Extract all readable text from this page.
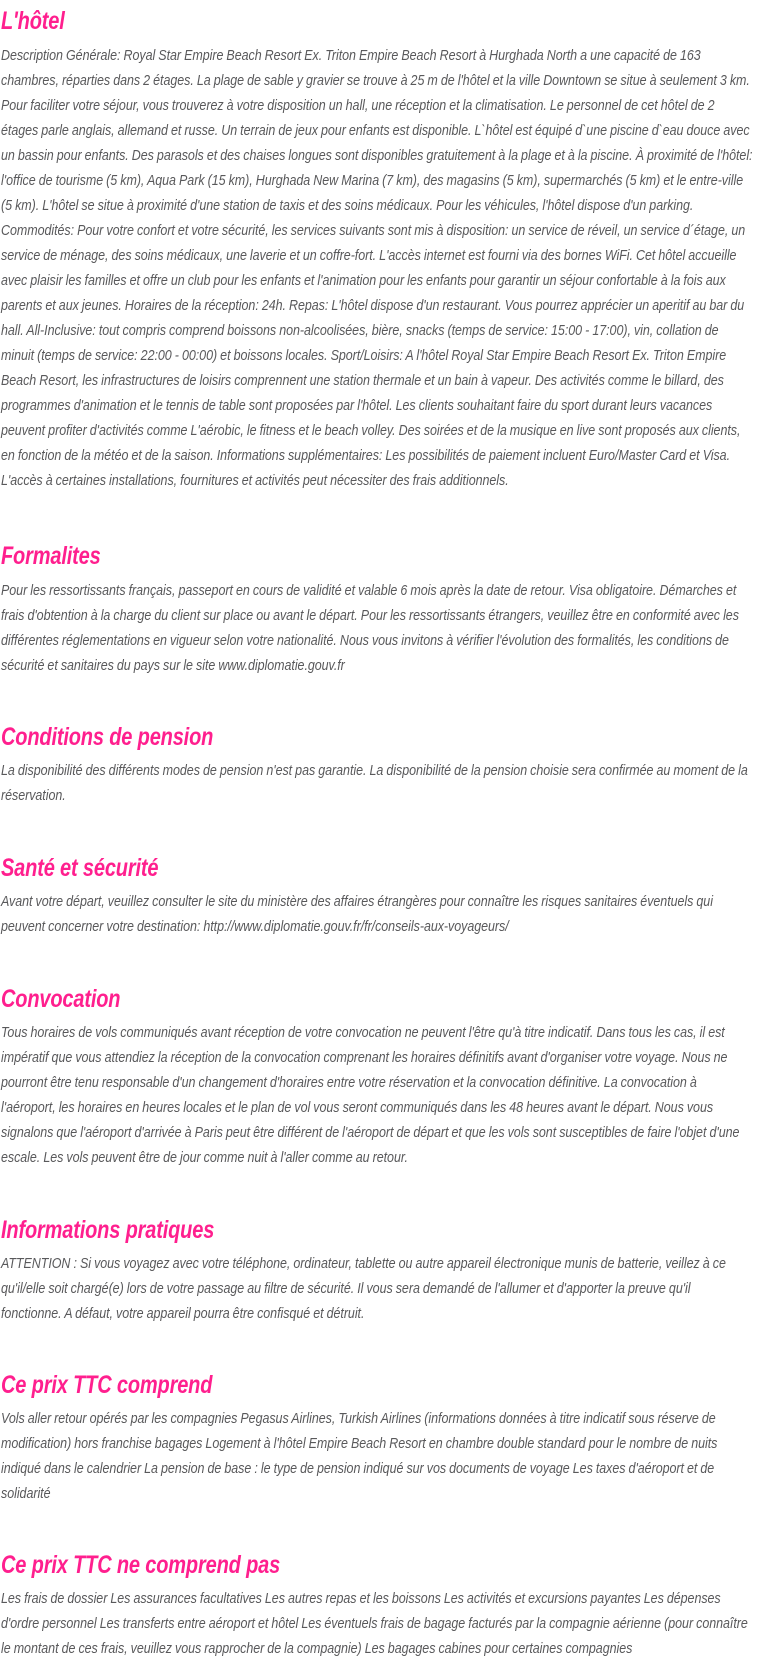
L'hôtel

Description Générale: Royal Star Empire Beach Resort Ex. Triton Empire Beach Resort à Hurghada North a une capacité de 163 chambres, réparties dans 2 étages. La plage de sable y gravier se trouve à 25 m de l'hôtel et la ville Downtown se situe à seulement 3 km. Pour faciliter votre séjour, vous trouverez à votre disposition un hall, une réception et la climatisation. Le personnel de cet hôtel de 2 étages parle anglais, allemand et russe. Un terrain de jeux pour enfants est disponible. L`hôtel est équipé d`une piscine d`eau douce avec un bassin pour enfants. Des parasols et des chaises longues sont disponibles gratuitement à la plage et à la piscine. À proximité de l'hôtel: l'office de tourisme (5 km), Aqua Park (15 km), Hurghada New Marina (7 km), des magasins (5 km), supermarchés (5 km) et le entre-ville (5 km). L'hôtel se situe à proximité d'une station de taxis et des soins médicaux. Pour les véhicules, l'hôtel dispose d'un parking. Commodités: Pour votre confort et votre sécurité, les services suivants sont mis à disposition: un service de réveil, un service d´étage, un service de ménage, des soins médicaux, une laverie et un coffre-fort. L'accès internet est fourni via des bornes WiFi. Cet hôtel accueille avec plaisir les familles et offre un club pour les enfants et l'animation pour les enfants pour garantir un séjour confortable à la fois aux parents et aux jeunes. Horaires de la réception: 24h. Repas: L'hôtel dispose d'un restaurant. Vous pourrez apprécier un aperitif au bar du hall. All-Inclusive: tout compris comprend boissons non-alcoolisées, bière, snacks (temps de service: 15:00 - 17:00), vin, collation de minuit (temps de service: 22:00 - 00:00) et boissons locales. Sport/Loisirs: A l'hôtel Royal Star Empire Beach Resort Ex. Triton Empire Beach Resort, les infrastructures de loisirs comprennent une station thermale et un bain à vapeur. Des activités comme le billard, des programmes d'animation et le tennis de table sont proposées par l'hôtel. Les clients souhaitant faire du sport durant leurs vacances peuvent profiter d'activités comme L'aérobic, le fitness et le beach volley. Des soirées et de la musique en live sont proposés aux clients, en fonction de la météo et de la saison. Informations supplémentaires: Les possibilités de paiement incluent Euro/Master Card et Visa. L'accès à certaines installations, fournitures et activités peut nécessiter des frais additionnels.

Formalites

Pour les ressortissants français, passeport en cours de validité et valable 6 mois après la date de retour. Visa obligatoire. Démarches et frais d'obtention à la charge du client sur place ou avant le départ. Pour les ressortissants étrangers, veuillez être en conformité avec les différentes réglementations en vigueur selon votre nationalité. Nous vous invitons à vérifier l'évolution des formalités, les conditions de sécurité et sanitaires du pays sur le site www.diplomatie.gouv.fr

Conditions de pension

La disponibilité des différents modes de pension n'est pas garantie. La disponibilité de la pension choisie sera confirmée au moment de la réservation.

Santé et sécurité

Avant votre départ, veuillez consulter le site du ministère des affaires étrangères pour connaître les risques sanitaires éventuels qui peuvent concerner votre destination: http://www.diplomatie.gouv.fr/fr/conseils-aux-voyageurs/

Convocation

Tous horaires de vols communiqués avant réception de votre convocation ne peuvent l'être qu'à titre indicatif. Dans tous les cas, il est impératif que vous attendiez la réception de la convocation comprenant les horaires définitifs avant d'organiser votre voyage. Nous ne pourront être tenu responsable d'un changement d'horaires entre votre réservation et la convocation définitive. La convocation à l'aéroport, les horaires en heures locales et le plan de vol vous seront communiqués dans les 48 heures avant le départ. Nous vous signalons que l'aéroport d'arrivée à Paris peut être différent de l'aéroport de départ et que les vols sont susceptibles de faire l'objet d'une escale. Les vols peuvent être de jour comme nuit à l'aller comme au retour.

Informations pratiques

ATTENTION : Si vous voyagez avec votre téléphone, ordinateur, tablette ou autre appareil électronique munis de batterie, veillez à ce qu'il/elle soit chargé(e) lors de votre passage au filtre de sécurité. Il vous sera demandé de l'allumer et d'apporter la preuve qu'il fonctionne. A défaut, votre appareil pourra être confisqué et détruit.

Ce prix TTC comprend

Vols aller retour opérés par les compagnies Pegasus Airlines, Turkish Airlines (informations données à titre indicatif sous réserve de modification) hors franchise bagages Logement à l'hôtel Empire Beach Resort en chambre double standard pour le nombre de nuits indiqué dans le calendrier La pension de base : le type de pension indiqué sur vos documents de voyage Les taxes d'aéroport et de solidarité

Ce prix TTC ne comprend pas

Les frais de dossier Les assurances facultatives Les autres repas et les boissons Les activités et excursions payantes Les dépenses d'ordre personnel Les transferts entre aéroport et hôtel Les éventuels frais de bagage facturés par la compagnie aérienne (pour connaître le montant de ces frais, veuillez vous rapprocher de la compagnie) Les bagages cabines pour certaines compagnies
